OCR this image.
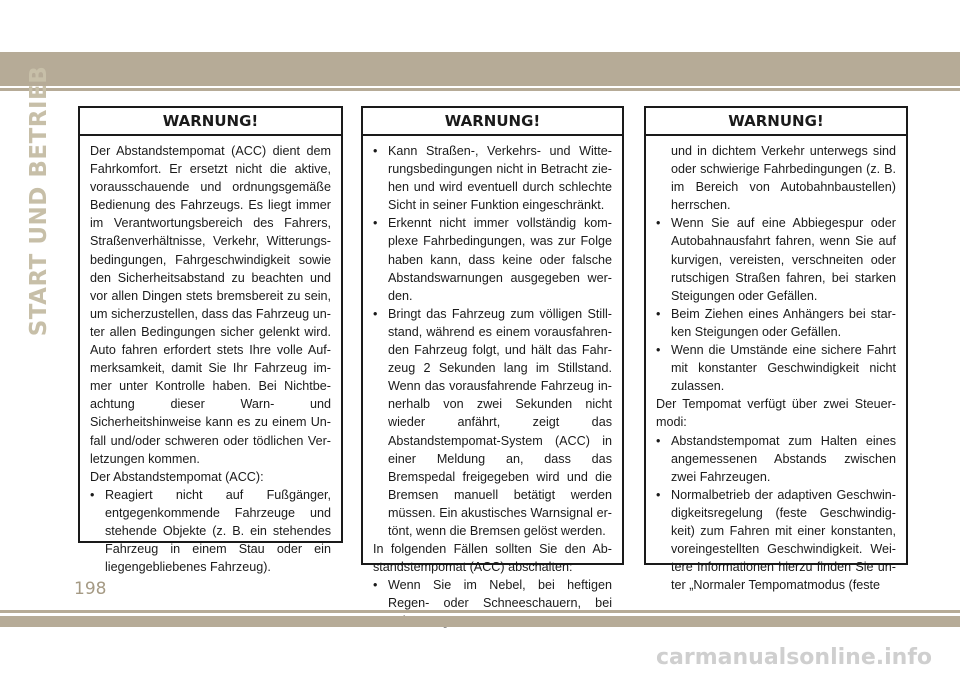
START UND BETRIEB	WARNUNG!

Der Abstandstempomat (ACC) dient dem Fahrkomfort. Er ersetzt nicht die aktive, vorausschauende und ordnungsgemäße Bedienung des Fahrzeugs. Es liegt immer im Verantwortungsbereich des Fahrers, Straßenverhältnisse, Verkehr, Witterungsbedingungen, Fahrgeschwindigkeit sowie den Sicherheitsabstand zu beachten und vor allen Dingen stets bremsbereit zu sein, um sicherzustellen, dass das Fahrzeug unter allen Bedingungen sicher gelenkt wird. Auto fahren erfordert stets Ihre volle Aufmerksamkeit, damit Sie Ihr Fahrzeug immer unter Kontrolle haben. Bei Nichtbeachtung dieser Warn- und Sicherheitshinweise kann es zu einem Unfall und/oder schweren oder tödlichen Verletzungen kommen.

Der Abstandstempomat (ACC):

• Reagiert nicht auf Fußgänger, entgegenkommende Fahrzeuge und stehende Objekte (z. B. ein stehendes Fahrzeug in einem Stau oder ein liegengebliebenes Fahrzeug).
WARNUNG!
• Kann Straßen-, Verkehrs- und Witterungsbedingungen nicht in Betracht ziehen und wird eventuell durch schlechte Sicht in seiner Funktion eingeschränkt.
• Erkennt nicht immer vollständig komplexe Fahrbedingungen, was zur Folge haben kann, dass keine oder falsche Abstandswarnungen ausgegeben werden.
• Bringt das Fahrzeug zum völligen Stillstand, während es einem vorausfahrenden Fahrzeug folgt, und hält das Fahrzeug 2 Sekunden lang im Stillstand. Wenn das vorausfahrende Fahrzeug innerhalb von zwei Sekunden nicht wieder anfährt, zeigt das Abstandstempomat-System (ACC) in einer Meldung an, dass das Bremspedal freigegeben wird und die Bremsen manuell betätigt werden müssen. Ein akustisches Warnsignal ertönt, wenn die Bremsen gelöst werden.

In folgenden Fällen sollten Sie den Abstandstempomat (ACC) abschalten:

• Wenn Sie im Nebel, bei heftigen Regen- oder Schneeschauern, bei
WARNUNG!
und in dichtem Verkehr unterwegs sind oder schwierige Fahrbedingungen (z. B. im Bereich von Autobahnbaustellen) herrschen.
• Wenn Sie auf eine Abbiegespur oder Autobahnausfahrt fahren, wenn Sie auf kurvigen, vereisten, verschneiten oder rutschigen Straßen fahren, bei starken Steigungen oder Gefällen.
• Beim Ziehen eines Anhängers bei starken Steigungen oder Gefällen.
• Wenn die Umstände eine sichere Fahrt mit konstanter Geschwindigkeit nicht zulassen.

Der Tempomat verfügt über zwei Steuermodi:

• Abstandstempomat zum Halten eines angemessenen Abstands zwischen zwei Fahrzeugen.
• Normalbetrieb der adaptiven Geschwindigkeitsregelung (feste Geschwindigkeit) zum Fahren mit einer konstanten, voreingestellten Geschwindigkeit. Weitere Informationen hierzu finden Sie unter „Normaler Tempomatmodus (feste
198
carmanualsonline.info
